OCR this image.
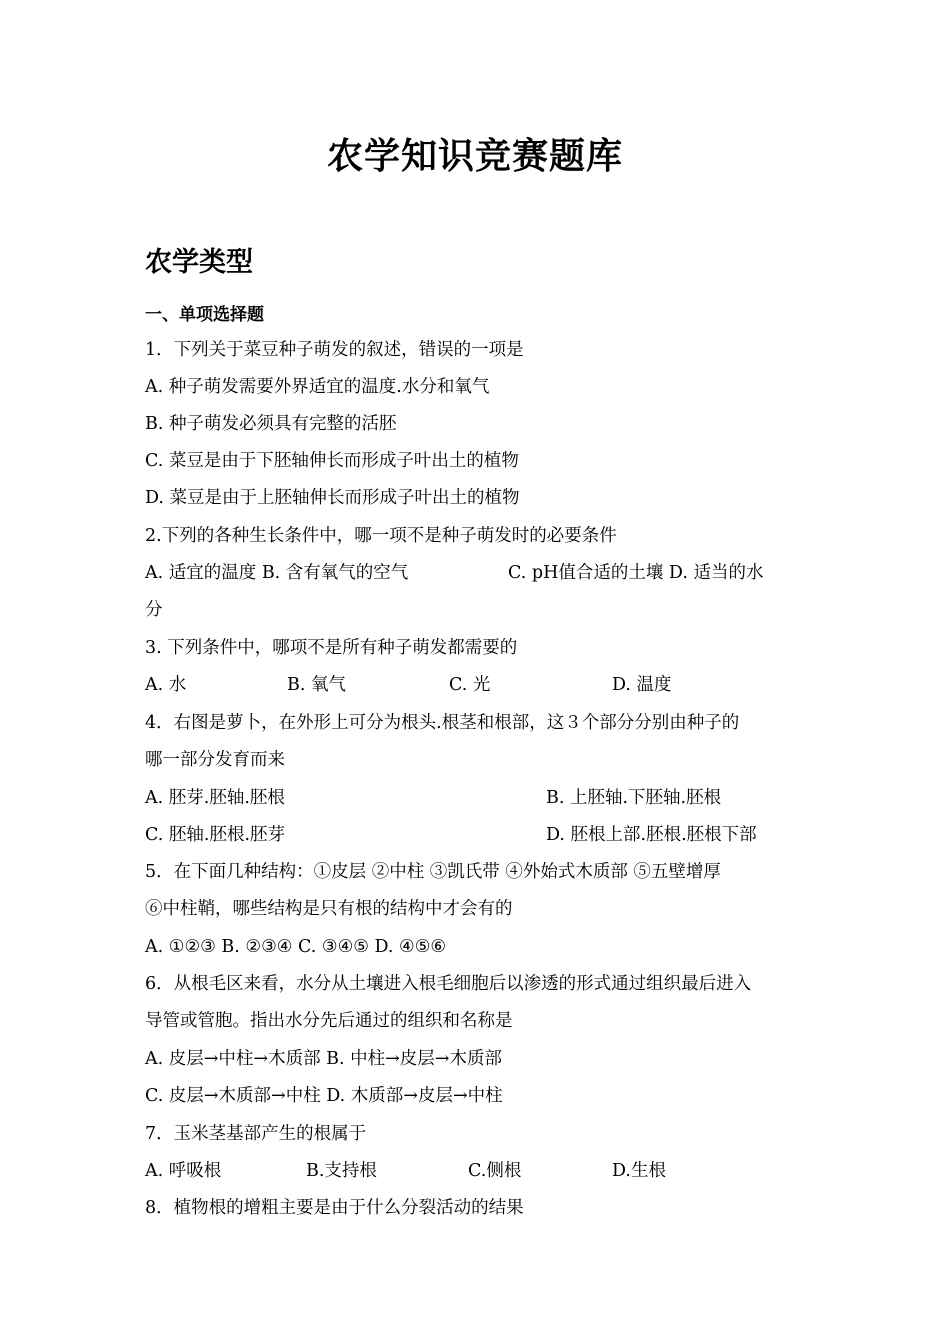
农学知识竞赛题库
农学类型
一、单项选择题
1．下列关于菜豆种子萌发的叙述，错误的一项是
A. 种子萌发需要外界适宜的温度.水分和氧气
B. 种子萌发必须具有完整的活胚
C. 菜豆是由于下胚轴伸长而形成子叶出土的植物
D. 菜豆是由于上胚轴伸长而形成子叶出土的植物
2.下列的各种生长条件中，哪一项不是种子萌发时的必要条件
A. 适宜的温度 B. 含有氧气的空气	C. pH值合适的土壤 D. 适当的水
分
3. 下列条件中，哪项不是所有种子萌发都需要的
A. 水	B. 氧气	C. 光	D. 温度
4．右图是萝卜，在外形上可分为根头.根茎和根部，这３个部分分别由种子的
哪一部分发育而来
A. 胚芽.胚轴.胚根	B. 上胚轴.下胚轴.胚根
C. 胚轴.胚根.胚芽	D. 胚根上部.胚根.胚根下部
5．在下面几种结构：①皮层 ②中柱 ③凯氏带 ④外始式木质部 ⑤五壁增厚
⑥中柱鞘，哪些结构是只有根的结构中才会有的
A. ①②③ B. ②③④ C. ③④⑤ D. ④⑤⑥
6．从根毛区来看，水分从土壤进入根毛细胞后以渗透的形式通过组织最后进入
导管或管胞。指出水分先后通过的组织和名称是
A. 皮层→中柱→木质部 B. 中柱→皮层→木质部
C. 皮层→木质部→中柱 D. 木质部→皮层→中柱
7．玉米茎基部产生的根属于
A. 呼吸根	B.支持根	C.侧根	D.生根
8．植物根的增粗主要是由于什么分裂活动的结果
